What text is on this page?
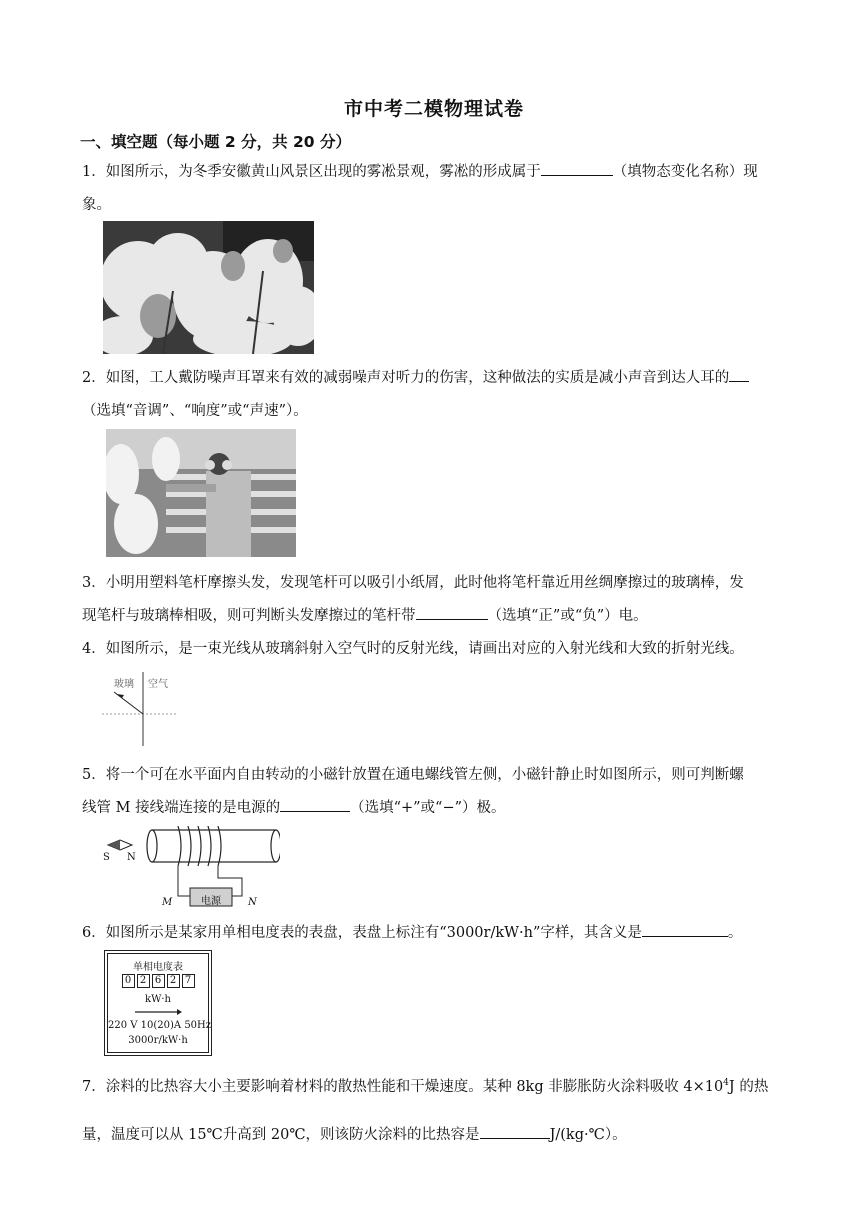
市中考二模物理试卷
一、填空题（每小题 2 分，共 20 分）
1．如图所示，为冬季安徽黄山风景区出现的雾凇景观，雾凇的形成属于	（填物态变化名称）现
象。
2．如图，工人戴防噪声耳罩来有效的减弱噪声对听力的伤害，这种做法的实质是减小声音到达人耳的
（选填“音调”、“响度”或“声速”）。
3．小明用塑料笔杆摩擦头发，发现笔杆可以吸引小纸屑，此时他将笔杆靠近用丝绸摩擦过的玻璃棒，发
现笔杆与玻璃棒相吸，则可判断头发摩擦过的笔杆带	（选填“正”或“负”）电。
4．如图所示，是一束光线从玻璃斜射入空气时的反射光线，请画出对应的入射光线和大致的折射光线。
玻璃 空气
5．将一个可在水平面内自由转动的小磁针放置在通电螺线管左侧，小磁针静止时如图所示，则可判断螺
线管 M 接线端连接的是电源的	（选填“+”或“−”）极。
S N
M	N
电源
6．如图所示是某家用单相电度表的表盘，表盘上标注有“3000r/kW·h”字样，其含义是	。
单相电度表
0 2 6 2 7
kW·h
220 V 10(20)A 50Hz
3000r/kW·h
7．涂料的比热容大小主要影响着材料的散热性能和干燥速度。某种 8kg 非膨胀防火涂料吸收 $4\times 10^4J$ 的热
量，温度可以从 15℃升高到 20℃，则该防火涂料的比热容是	J/(kg·℃）。
